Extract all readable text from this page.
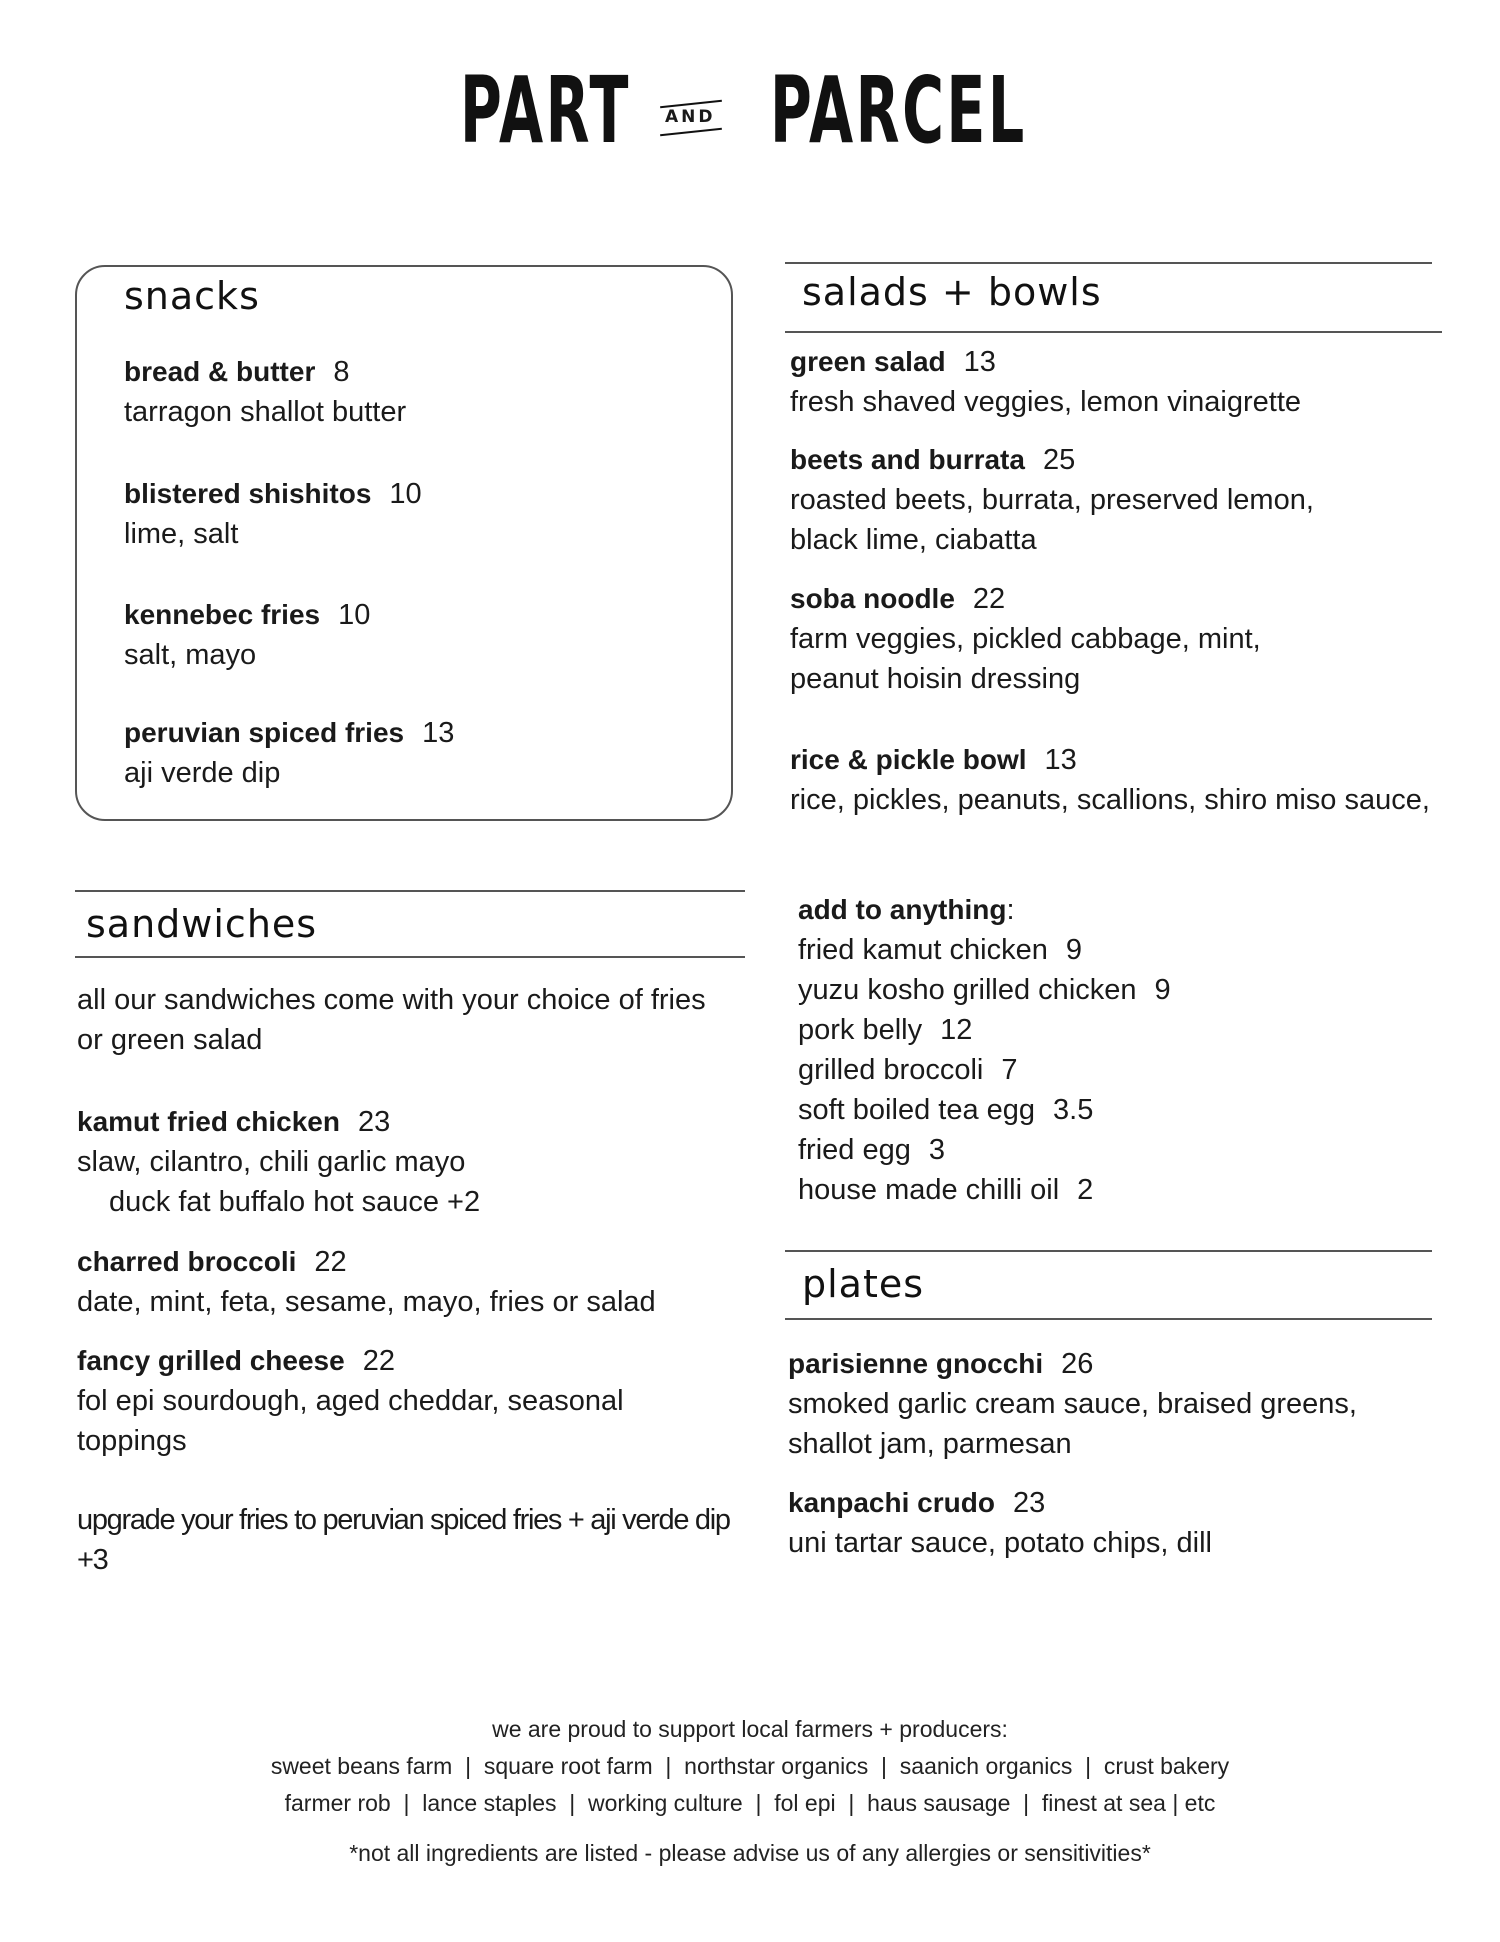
PART AND PARCEL
snacks
bread & butter 8
tarragon shallot butter
blistered shishitos 10
lime, salt
kennebec fries 10
salt, mayo
peruvian spiced fries 13
aji verde dip
sandwiches
all our sandwiches come with your choice of fries or green salad
kamut fried chicken 23
slaw, cilantro, chili garlic mayo
duck fat buffalo hot sauce +2
charred broccoli 22
date, mint, feta, sesame, mayo, fries or salad
fancy grilled cheese 22
fol epi sourdough, aged cheddar, seasonal toppings
upgrade your fries to peruvian spiced fries + aji verde dip +3
salads + bowls
green salad 13
fresh shaved veggies, lemon vinaigrette
beets and burrata 25
roasted beets, burrata, preserved lemon, black lime, ciabatta
soba noodle 22
farm veggies, pickled cabbage, mint, peanut hoisin dressing
rice & pickle bowl 13
rice, pickles, peanuts, scallions, shiro miso sauce,
add to anything:
fried kamut chicken 9
yuzu kosho grilled chicken 9
pork belly 12
grilled broccoli 7
soft boiled tea egg 3.5
fried egg 3
house made chilli oil 2
plates
parisienne gnocchi 26
smoked garlic cream sauce, braised greens, shallot jam, parmesan
kanpachi crudo 23
uni tartar sauce, potato chips, dill
we are proud to support local farmers + producers:
sweet beans farm  |  square root farm  |  northstar organics  |  saanich organics  |  crust bakery
farmer rob  |  lance staples  |  working culture  |  fol epi  |  haus sausage  |  finest at sea | etc
*not all ingredients are listed - please advise us of any allergies or sensitivities*
